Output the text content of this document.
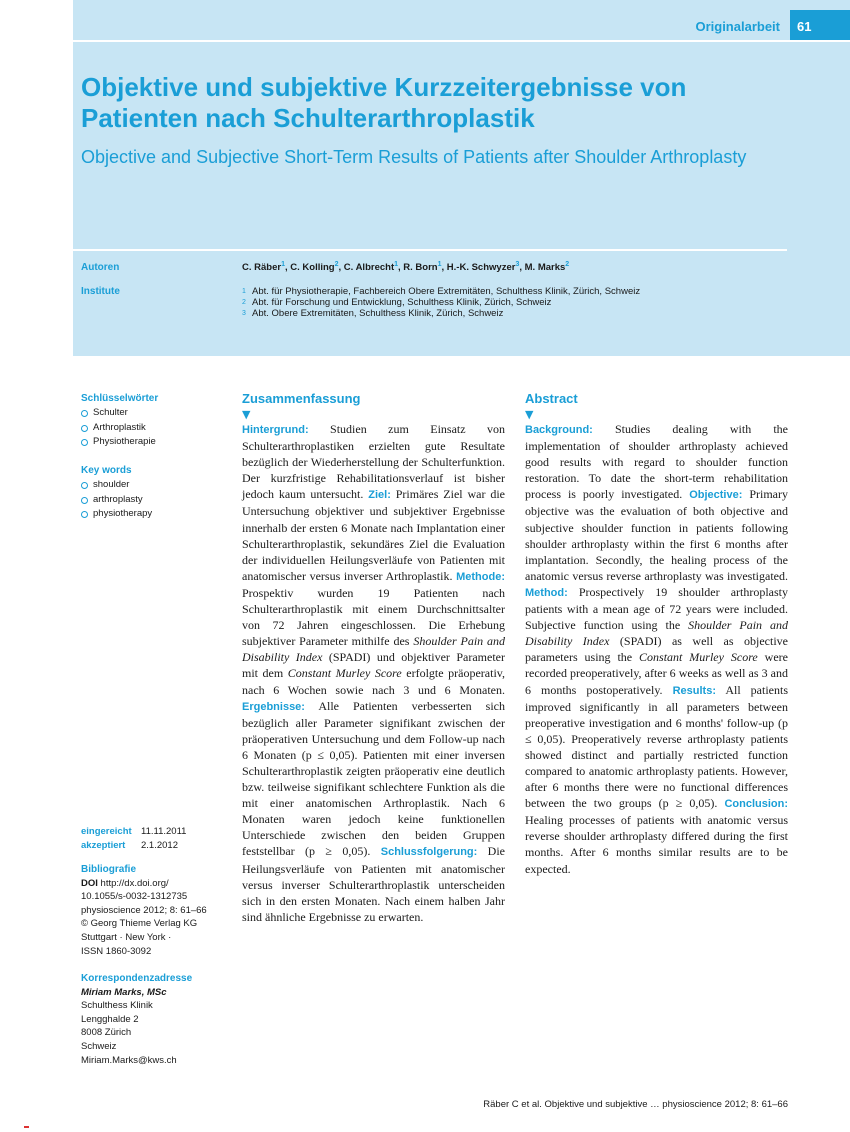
Originalarbeit	61
Objektive und subjektive Kurzzeitergebnisse von Patienten nach Schulterarthroplastik
Objective and Subjective Short-Term Results of Patients after Shoulder Arthroplasty
Autoren	C. Räber$^1$, C. Kolling$^2$, C. Albrecht$^1$, R. Born$^1$, H.-K. Schwyzer$^3$, M. Marks$^2$
Institute	1 Abt. für Physiotherapie, Fachbereich Obere Extremitäten, Schulthess Klinik, Zürich, Schweiz
2 Abt. für Forschung und Entwicklung, Schulthess Klinik, Zürich, Schweiz
3 Abt. Obere Extremitäten, Schulthess Klinik, Zürich, Schweiz
Schlüsselwörter
Schulter
Arthroplastik
Physiotherapie
Key words
shoulder
arthroplasty
physiotherapy
eingereicht 11.11.2011
akzeptiert 2.1.2012
Bibliografie
DOI http://dx.doi.org/
10.1055/s-0032-1312735
physioscience 2012; 8: 61–66
© Georg Thieme Verlag KG
Stuttgart · New York ·
ISSN 1860-3092
Korrespondenzadresse
Miriam Marks, MSc
Schulthess Klinik
Lengghalde 2
8008 Zürich
Schweiz
Miriam.Marks@kws.ch
Zusammenfassung
▼

Hintergrund: Studien zum Einsatz von Schulterarthroplastiken erzielten gute Resultate bezüglich der Wiederherstellung der Schulterfunktion. Der kurzfristige Rehabilitationsverlauf ist bisher jedoch kaum untersucht. Ziel: Primäres Ziel war die Untersuchung objektiver und subjektiver Ergebnisse innerhalb der ersten 6 Monate nach Implantation einer Schulterarthroplastik, sekundäres Ziel die Evaluation der individuellen Heilungsverläufe von Patienten mit anatomischer versus inverser Arthroplastik. Methode: Prospektiv wurden 19 Patienten nach Schulterarthroplastik mit einem Durchschnittsalter von 72 Jahren eingeschlossen. Die Erhebung subjektiver Parameter mithilfe des Shoulder Pain and Disability Index (SPADI) und objektiver Parameter mit dem Constant Murley Score erfolgte präoperativ, nach 6 Wochen sowie nach 3 und 6 Monaten. Ergebnisse: Alle Patienten verbesserten sich bezüglich aller Parameter signifikant zwischen der präoperativen Untersuchung und dem Follow-up nach 6 Monaten (p ≤ 0,05). Patienten mit einer inversen Schulterarthroplastik zeigten präoperativ eine deutlich bzw. teilweise signifikant schlechtere Funktion als die mit einer anatomischen Arthroplastik. Nach 6 Monaten waren jedoch keine funktionellen Unterschiede zwischen den beiden Gruppen feststellbar (p ≥ 0,05). Schlussfolgerung: Die Heilungsverläufe von Patienten mit anatomischer versus inverser Schulterarthroplastik unterscheiden sich in den ersten Monaten. Nach einem halben Jahr sind ähnliche Ergebnisse zu erwarten.

Abstract
▼

Background: Studies dealing with the implementation of shoulder arthroplasty achieved good results with regard to shoulder function restoration. To date the short-term rehabilitation process is poorly investigated. Objective: Primary objective was the evaluation of both objective and subjective shoulder function in patients following shoulder arthroplasty within the first 6 months after implantation. Secondly, the healing process of the anatomic versus reverse arthroplasty was investigated. Method: Prospectively 19 shoulder arthroplasty patients with a mean age of 72 years were included. Subjective function using the Shoulder Pain and Disability Index (SPADI) as well as objective parameters using the Constant Murley Score were recorded preoperatively, after 6 weeks as well as 3 and 6 months postoperatively. Results: All patients improved significantly in all parameters between preoperative investigation and 6 months' follow-up (p ≤ 0,05). Preoperatively reverse arthroplasty patients showed distinct and partially restricted function compared to anatomic arthroplasty patients. However, after 6 months there were no functional differences between the two groups (p ≥ 0,05). Conclusion: Healing processes of patients with anatomic versus reverse shoulder arthroplasty differed during the first months. After 6 months similar results are to be expected.

Räber C et al. Objektive und subjektive … physioscience 2012; 8: 61–66
